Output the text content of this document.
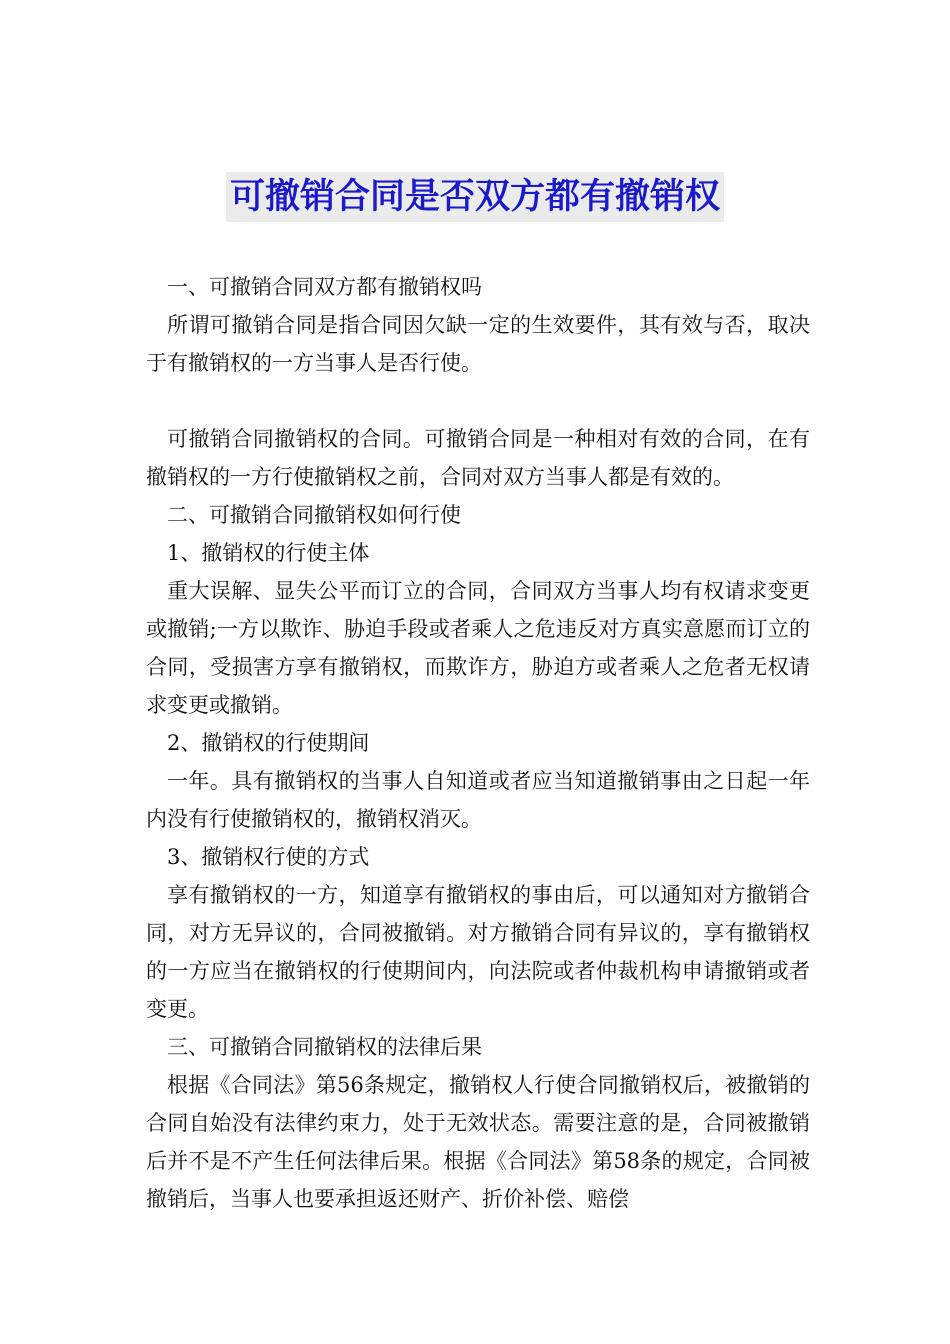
可撤销合同是否双方都有撤销权

一、可撤销合同双方都有撤销权吗

所谓可撤销合同是指合同因欠缺一定的生效要件，其有效与否，取决于有撤销权的一方当事人是否行使。

可撤销合同撤销权的合同。可撤销合同是一种相对有效的合同，在有撤销权的一方行使撤销权之前，合同对双方当事人都是有效的。

二、可撤销合同撤销权如何行使

1、撤销权的行使主体

重大误解、显失公平而订立的合同，合同双方当事人均有权请求变更或撤销;一方以欺诈、胁迫手段或者乘人之危违反对方真实意愿而订立的合同，受损害方享有撤销权，而欺诈方，胁迫方或者乘人之危者无权请求变更或撤销。

2、撤销权的行使期间

一年。具有撤销权的当事人自知道或者应当知道撤销事由之日起一年内没有行使撤销权的，撤销权消灭。

3、撤销权行使的方式

享有撤销权的一方，知道享有撤销权的事由后，可以通知对方撤销合同，对方无异议的，合同被撤销。对方撤销合同有异议的，享有撤销权的一方应当在撤销权的行使期间内，向法院或者仲裁机构申请撤销或者变更。

三、可撤销合同撤销权的法律后果

根据《合同法》第56条规定，撤销权人行使合同撤销权后，被撤销的合同自始没有法律约束力，处于无效状态。需要注意的是，合同被撤销后并不是不产生任何法律后果。根据《合同法》第58条的规定，合同被撤销后，当事人也要承担返还财产、折价补偿、赔偿
